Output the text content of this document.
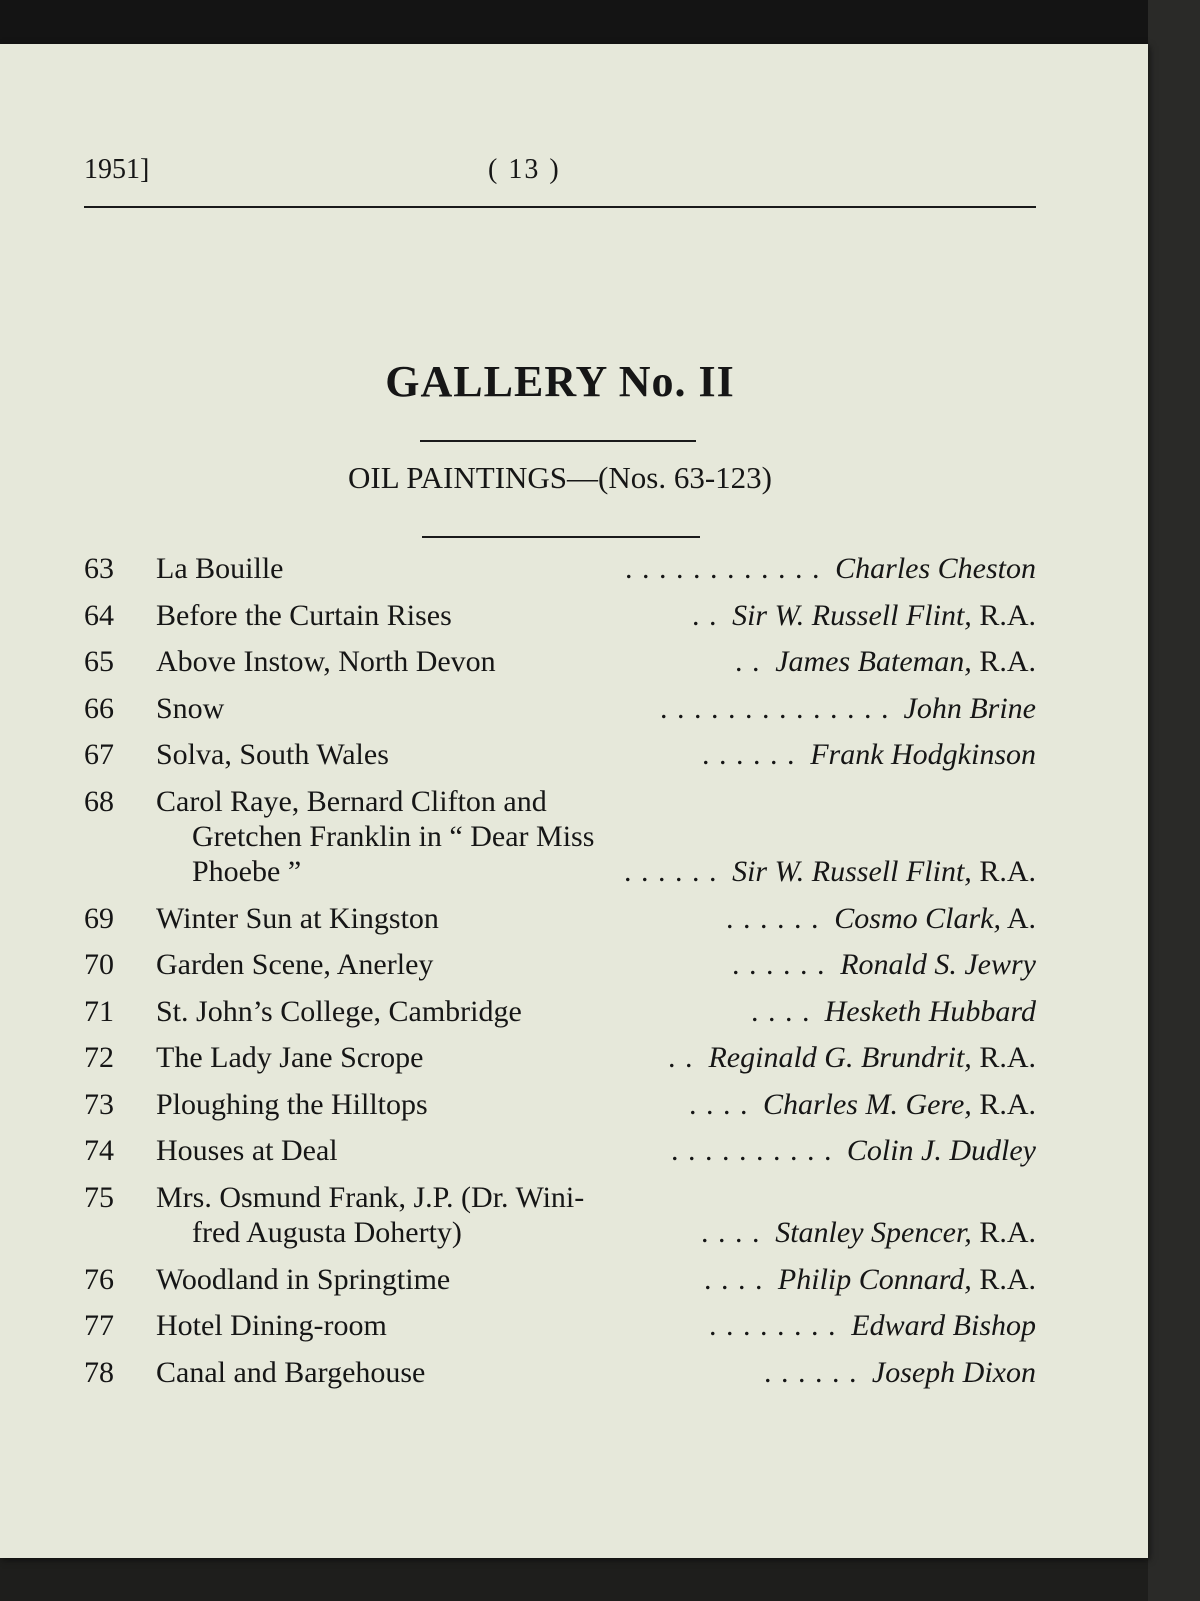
1951]	( 13 )
GALLERY No. II
OIL PAINTINGS—(Nos. 63-123)
63	La Bouille	. . . . . . . . . . . . Charles Cheston
64	Before the Curtain Rises	. . Sir W. Russell Flint, R.A.
65	Above Instow, North Devon	. . James Bateman, R.A.
66	Snow	. . . . . . . . . . . . . . John Brine
67	Solva, South Wales	. . . . . . Frank Hodgkinson
68	Carol Raye, Bernard Clifton and
Gretchen Franklin in “ Dear Miss
Phoebe ”	. . . . . . Sir W. Russell Flint, R.A.
69	Winter Sun at Kingston	. . . . . . Cosmo Clark, A.
70	Garden Scene, Anerley	. . . . . . Ronald S. Jewry
71	St. John’s College, Cambridge	. . . . Hesketh Hubbard
72	The Lady Jane Scrope	. . Reginald G. Brundrit, R.A.
73	Ploughing the Hilltops	. . . . Charles M. Gere, R.A.
74	Houses at Deal	. . . . . . . . . . Colin J. Dudley
75	Mrs. Osmund Frank, J.P. (Dr. Wini-
fred Augusta Doherty)	. . . . Stanley Spencer, R.A.
76	Woodland in Springtime	. . . . Philip Connard, R.A.
77	Hotel Dining-room	. . . . . . . . Edward Bishop
78	Canal and Bargehouse	. . . . . . Joseph Dixon
